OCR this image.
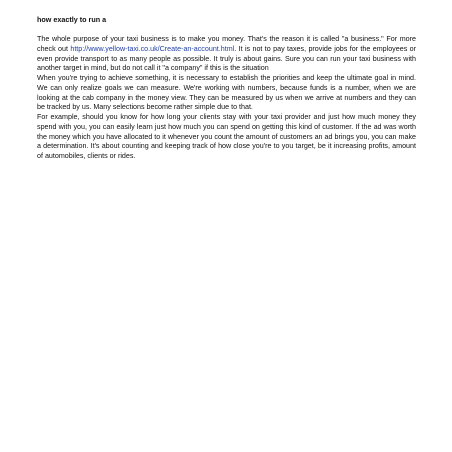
how exactly to run a

The whole purpose of your taxi business is to make you money. That's the reason it is called "a business." For more check out http://www.yellow-taxi.co.uk/Create-an-account.html. It is not to pay taxes, provide jobs for the employees or even provide transport to as many people as possible. It truly is about gains. Sure you can run your taxi business with another target in mind, but do not call it "a company" if this is the situation

When you're trying to achieve something, it is necessary to establish the priorities and keep the ultimate goal in mind. We can only realize goals we can measure. We're working with numbers, because funds is a number, when we are looking at the cab company in the money view. They can be measured by us when we arrive at numbers and they can be tracked by us. Many selections become rather simple due to that.

For example, should you know for how long your clients stay with your taxi provider and just how much money they spend with you, you can easily learn just how much you can spend on getting this kind of customer. If the ad was worth the money which you have allocated to it whenever you count the amount of customers an ad brings you, you can make a determination. It's about counting and keeping track of how close you're to you target, be it increasing profits, amount of automobiles, clients or rides.
